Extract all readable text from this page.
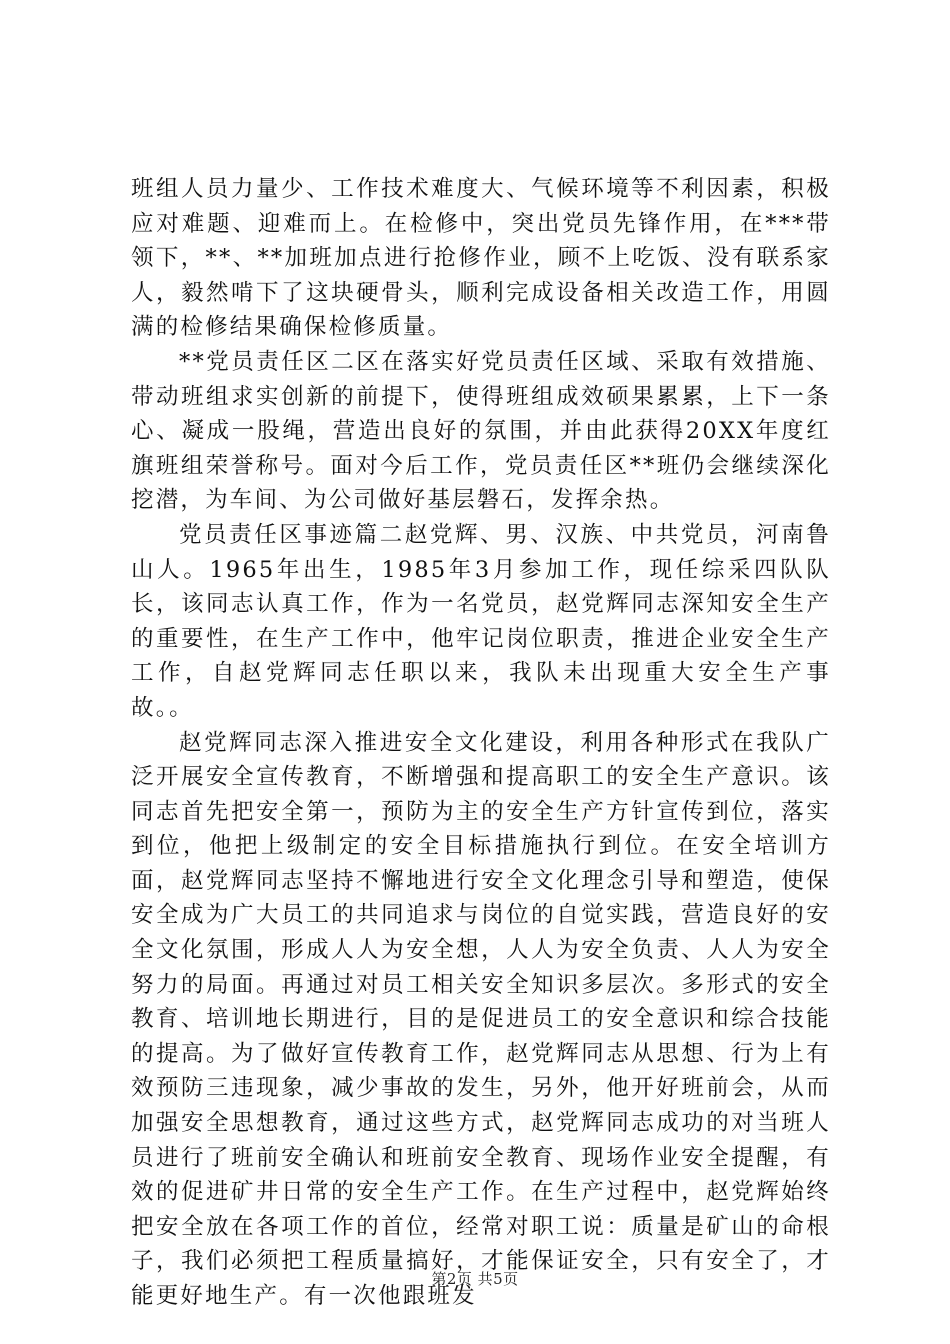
班组人员力量少、工作技术难度大、气候环境等不利因素，积极应对难题、迎难而上。在检修中，突出党员先锋作用，在***带领下，**、**加班加点进行抢修作业，顾不上吃饭、没有联系家人，毅然啃下了这块硬骨头，顺利完成设备相关改造工作，用圆满的检修结果确保检修质量。

**党员责任区二区在落实好党员责任区域、采取有效措施、带动班组求实创新的前提下，使得班组成效硕果累累，上下一条心、凝成一股绳，营造出良好的氛围，并由此获得20XX年度红旗班组荣誉称号。面对今后工作，党员责任区**班仍会继续深化挖潜，为车间、为公司做好基层磐石，发挥余热。

党员责任区事迹篇二赵党辉、男、汉族、中共党员，河南鲁山人。1965年出生，1985年3月参加工作，现任综采四队队长，该同志认真工作，作为一名党员，赵党辉同志深知安全生产的重要性，在生产工作中，他牢记岗位职责，推进企业安全生产工作，自赵党辉同志任职以来，我队未出现重大安全生产事故。。

赵党辉同志深入推进安全文化建设，利用各种形式在我队广泛开展安全宣传教育，不断增强和提高职工的安全生产意识。该同志首先把安全第一，预防为主的安全生产方针宣传到位，落实到位，他把上级制定的安全目标措施执行到位。在安全培训方面，赵党辉同志坚持不懈地进行安全文化理念引导和塑造，使保安全成为广大员工的共同追求与岗位的自觉实践，营造良好的安全文化氛围，形成人人为安全想，人人为安全负责、人人为安全努力的局面。再通过对员工相关安全知识多层次。多形式的安全教育、培训地长期进行，目的是促进员工的安全意识和综合技能的提高。为了做好宣传教育工作，赵党辉同志从思想、行为上有效预防三违现象，减少事故的发生，另外，他开好班前会，从而加强安全思想教育，通过这些方式，赵党辉同志成功的对当班人员进行了班前安全确认和班前安全教育、现场作业安全提醒，有效的促进矿井日常的安全生产工作。在生产过程中，赵党辉始终把安全放在各项工作的首位，经常对职工说：质量是矿山的命根子，我们必须把工程质量搞好，才能保证安全，只有安全了，才能更好地生产。有一次他跟班发

第2页 共5页
